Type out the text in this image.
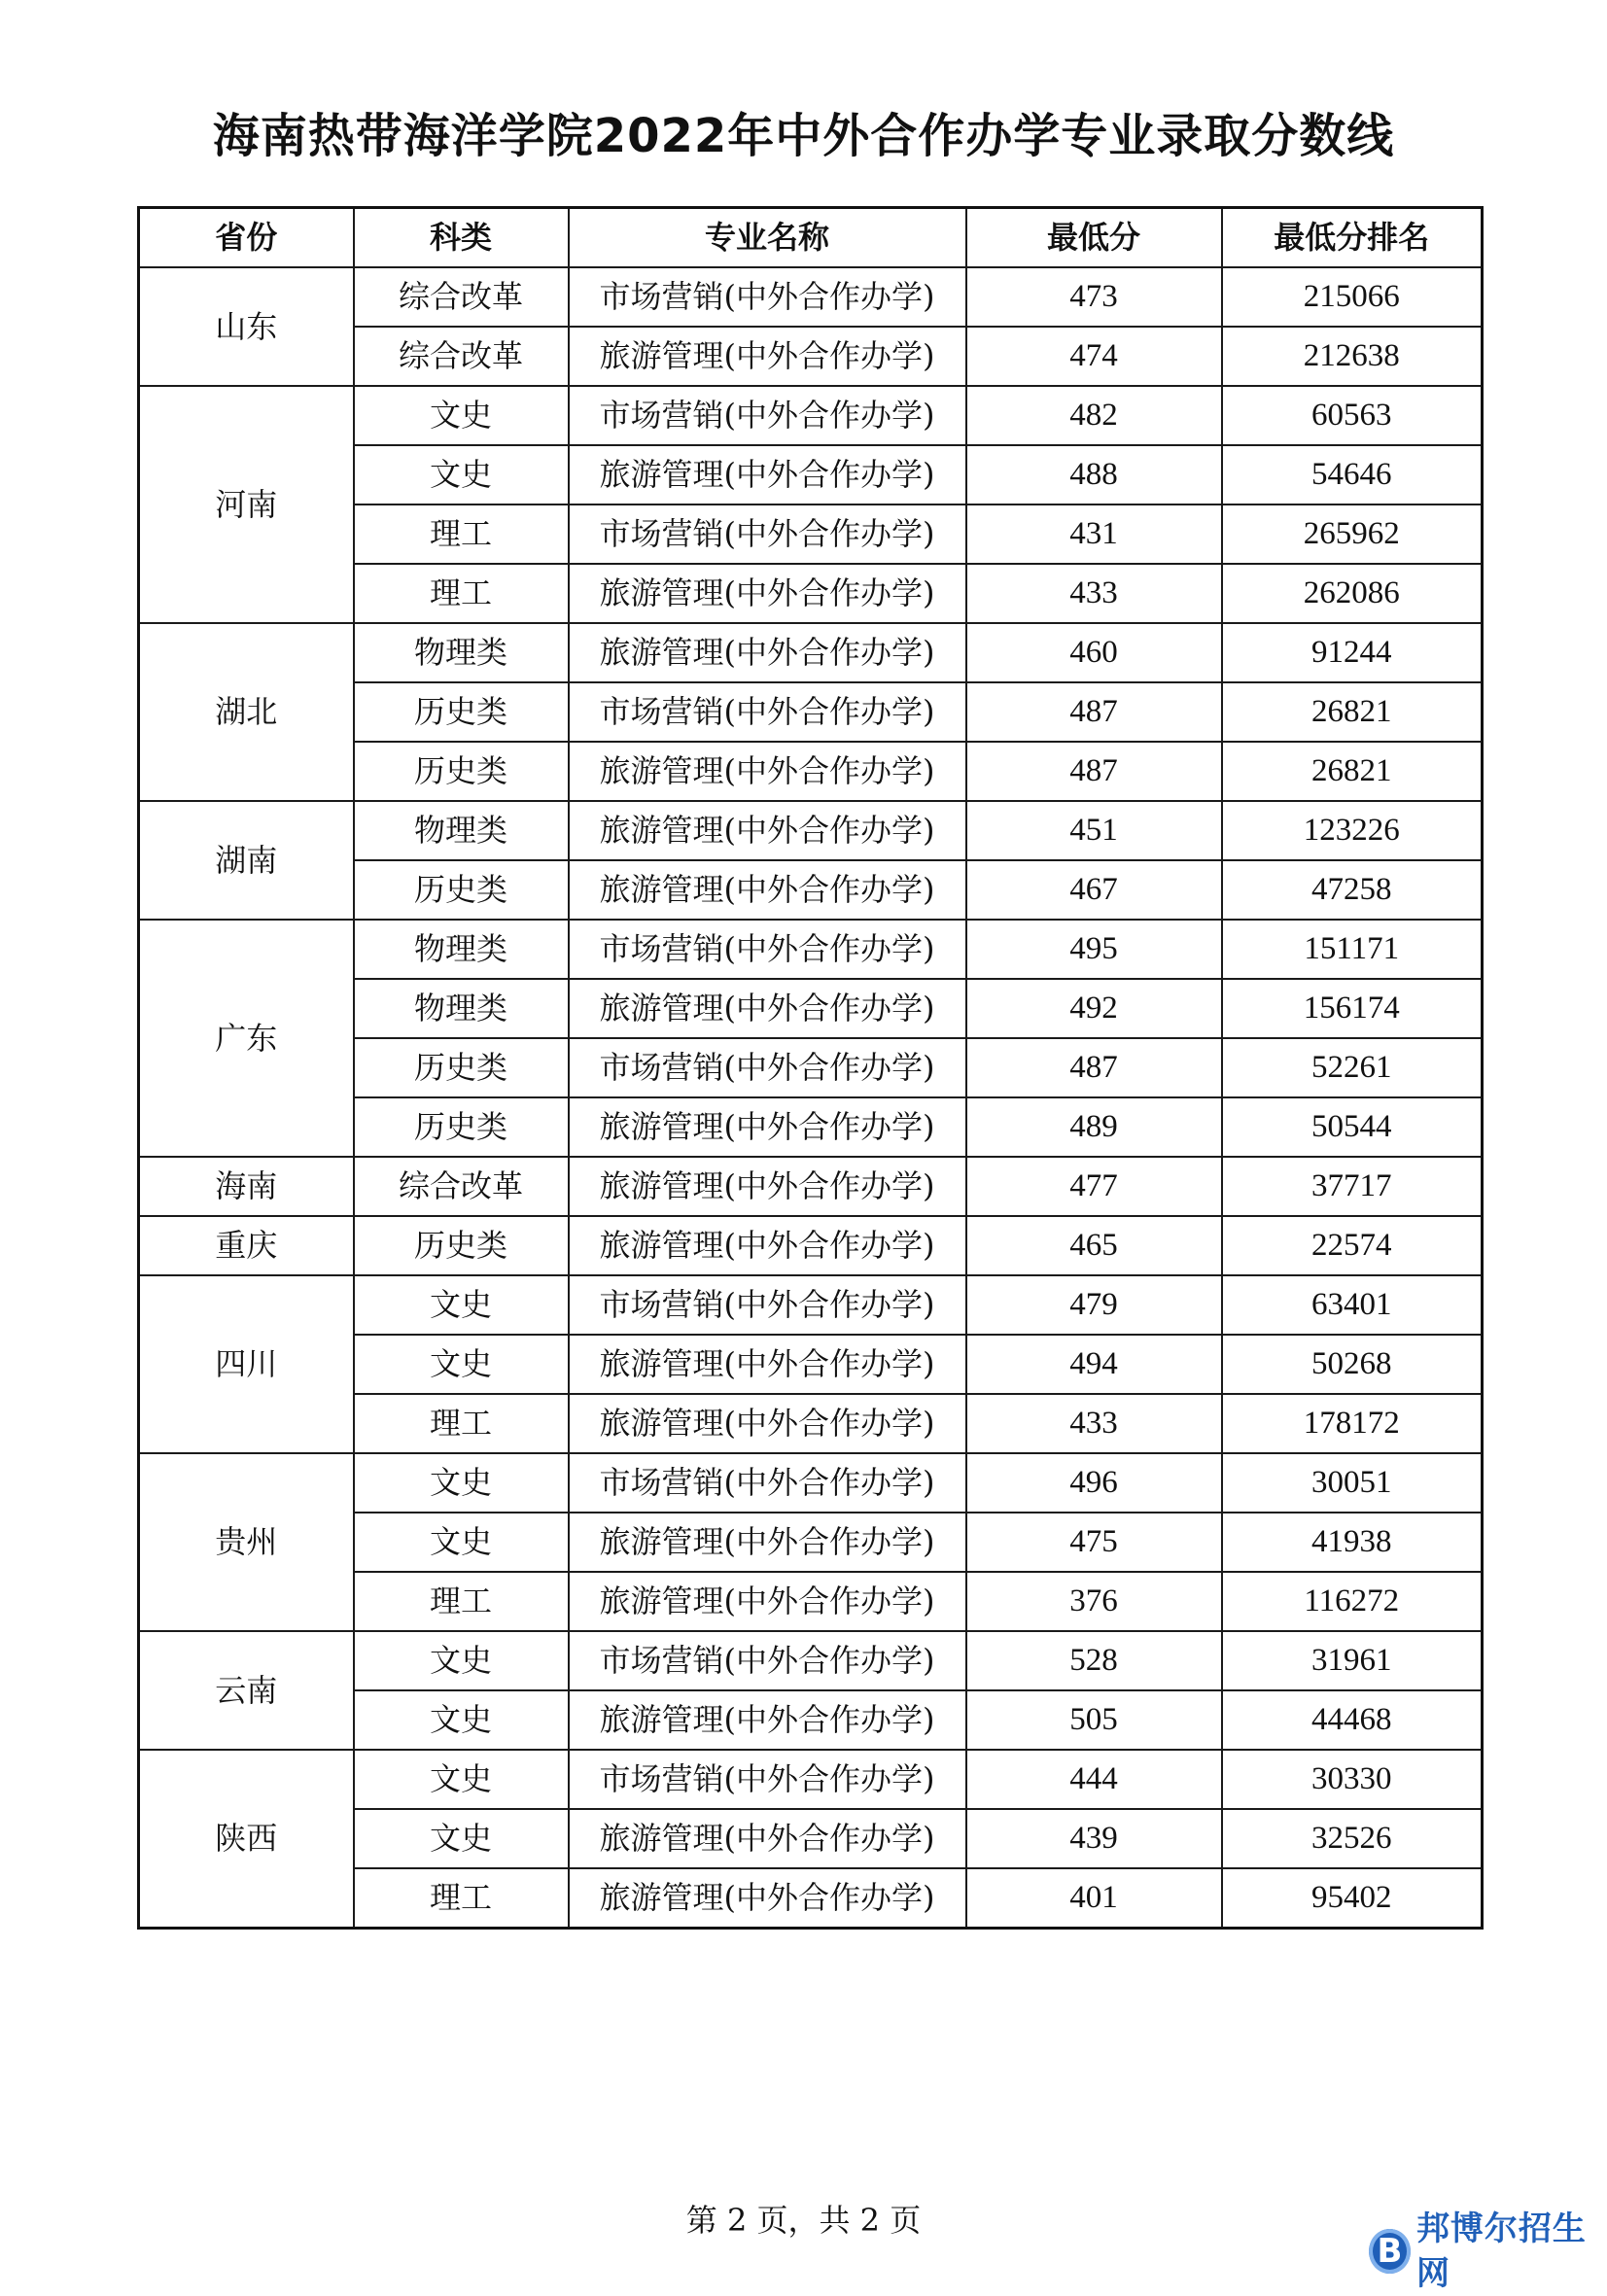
海南热带海洋学院2022年中外合作办学专业录取分数线
省份	科类	专业名称	最低分	最低分排名
山东	综合改革	市场营销(中外合作办学)	473	215066
	综合改革	旅游管理(中外合作办学)	474	212638
河南	文史	市场营销(中外合作办学)	482	60563
	文史	旅游管理(中外合作办学)	488	54646
	理工	市场营销(中外合作办学)	431	265962
	理工	旅游管理(中外合作办学)	433	262086
湖北	物理类	旅游管理(中外合作办学)	460	91244
	历史类	市场营销(中外合作办学)	487	26821
	历史类	旅游管理(中外合作办学)	487	26821
湖南	物理类	旅游管理(中外合作办学)	451	123226
	历史类	旅游管理(中外合作办学)	467	47258
广东	物理类	市场营销(中外合作办学)	495	151171
	物理类	旅游管理(中外合作办学)	492	156174
	历史类	市场营销(中外合作办学)	487	52261
	历史类	旅游管理(中外合作办学)	489	50544
海南	综合改革	旅游管理(中外合作办学)	477	37717
重庆	历史类	旅游管理(中外合作办学)	465	22574
四川	文史	市场营销(中外合作办学)	479	63401
	文史	旅游管理(中外合作办学)	494	50268
	理工	旅游管理(中外合作办学)	433	178172
贵州	文史	市场营销(中外合作办学)	496	30051
	文史	旅游管理(中外合作办学)	475	41938
	理工	旅游管理(中外合作办学)	376	116272
云南	文史	市场营销(中外合作办学)	528	31961
	文史	旅游管理(中外合作办学)	505	44468
陕西	文史	市场营销(中外合作办学)	444	30330
	文史	旅游管理(中外合作办学)	439	32526
	理工	旅游管理(中外合作办学)	401	95402
第 2 页，共 2 页
B
邦博尔招生网
